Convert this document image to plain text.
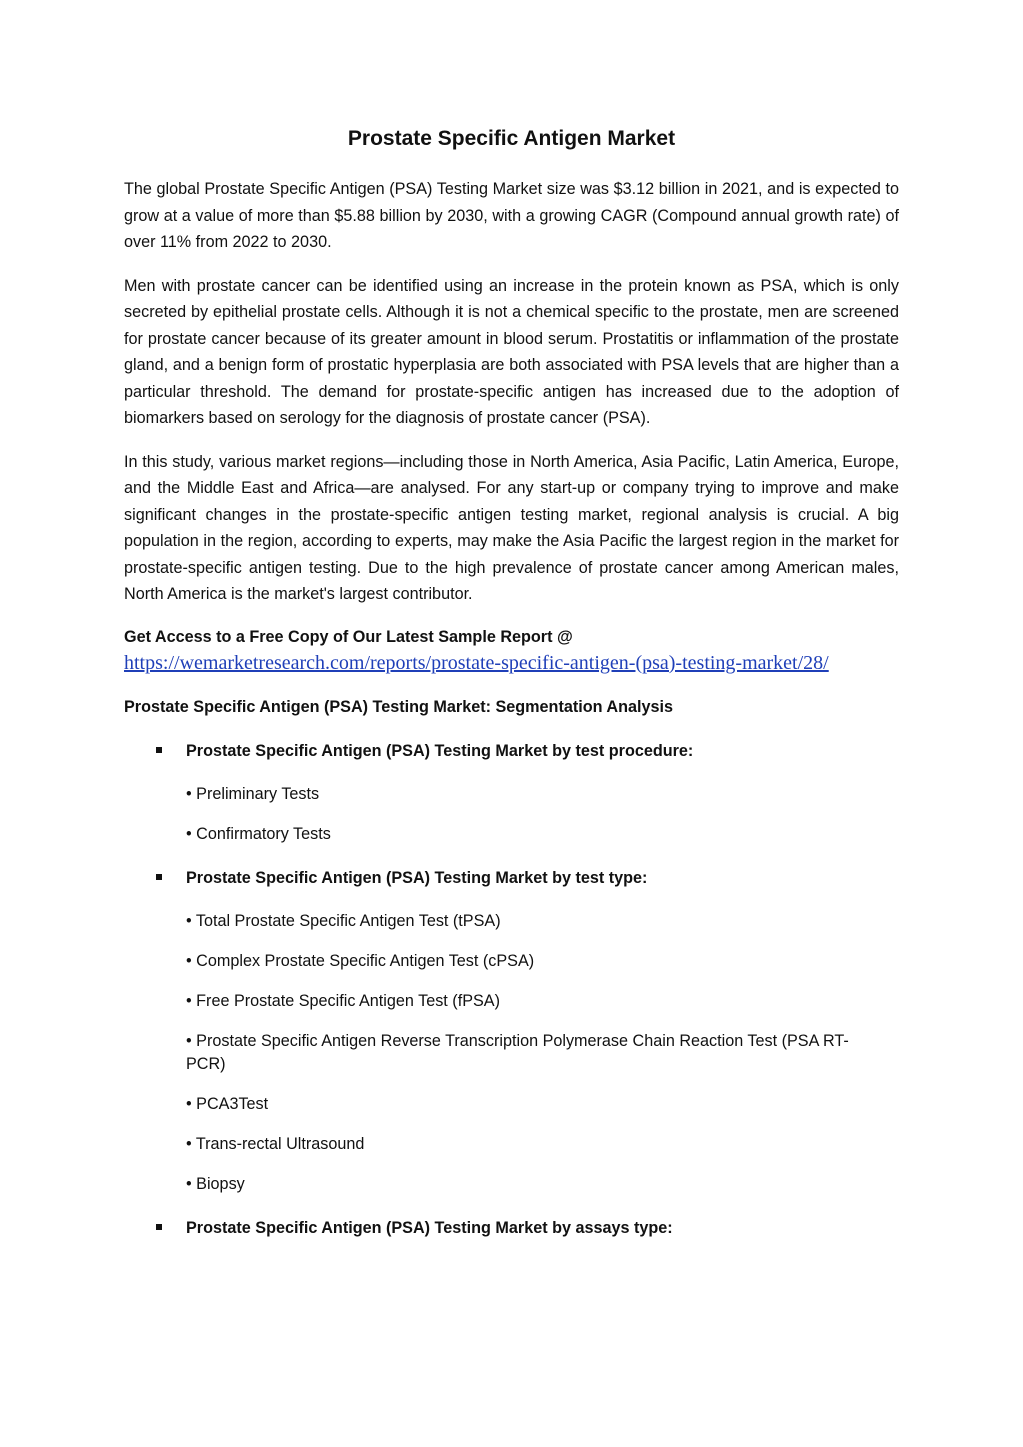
Prostate Specific Antigen Market

The global Prostate Specific Antigen (PSA) Testing Market size was $3.12 billion in 2021, and is expected to grow at a value of more than $5.88 billion by 2030, with a growing CAGR (Compound annual growth rate) of over 11% from 2022 to 2030.

Men with prostate cancer can be identified using an increase in the protein known as PSA, which is only secreted by epithelial prostate cells. Although it is not a chemical specific to the prostate, men are screened for prostate cancer because of its greater amount in blood serum. Prostatitis or inflammation of the prostate gland, and a benign form of prostatic hyperplasia are both associated with PSA levels that are higher than a particular threshold. The demand for prostate-specific antigen has increased due to the adoption of biomarkers based on serology for the diagnosis of prostate cancer (PSA).

In this study, various market regions—including those in North America, Asia Pacific, Latin America, Europe, and the Middle East and Africa—are analysed. For any start-up or company trying to improve and make significant changes in the prostate-specific antigen testing market, regional analysis is crucial. A big population in the region, according to experts, may make the Asia Pacific the largest region in the market for prostate-specific antigen testing. Due to the high prevalence of prostate cancer among American males, North America is the market's largest contributor.

Get Access to a Free Copy of Our Latest Sample Report @

https://wemarketresearch.com/reports/prostate-specific-antigen-(psa)-testing-market/28/

Prostate Specific Antigen (PSA) Testing Market: Segmentation Analysis

Prostate Specific Antigen (PSA) Testing Market by test procedure:
• Preliminary Tests
• Confirmatory Tests
Prostate Specific Antigen (PSA) Testing Market by test type:
• Total Prostate Specific Antigen Test (tPSA)
• Complex Prostate Specific Antigen Test (cPSA)
• Free Prostate Specific Antigen Test (fPSA)
• Prostate Specific Antigen Reverse Transcription Polymerase Chain Reaction Test (PSA RT-PCR)
• PCA3Test
• Trans-rectal Ultrasound
• Biopsy
Prostate Specific Antigen (PSA) Testing Market by assays type:
